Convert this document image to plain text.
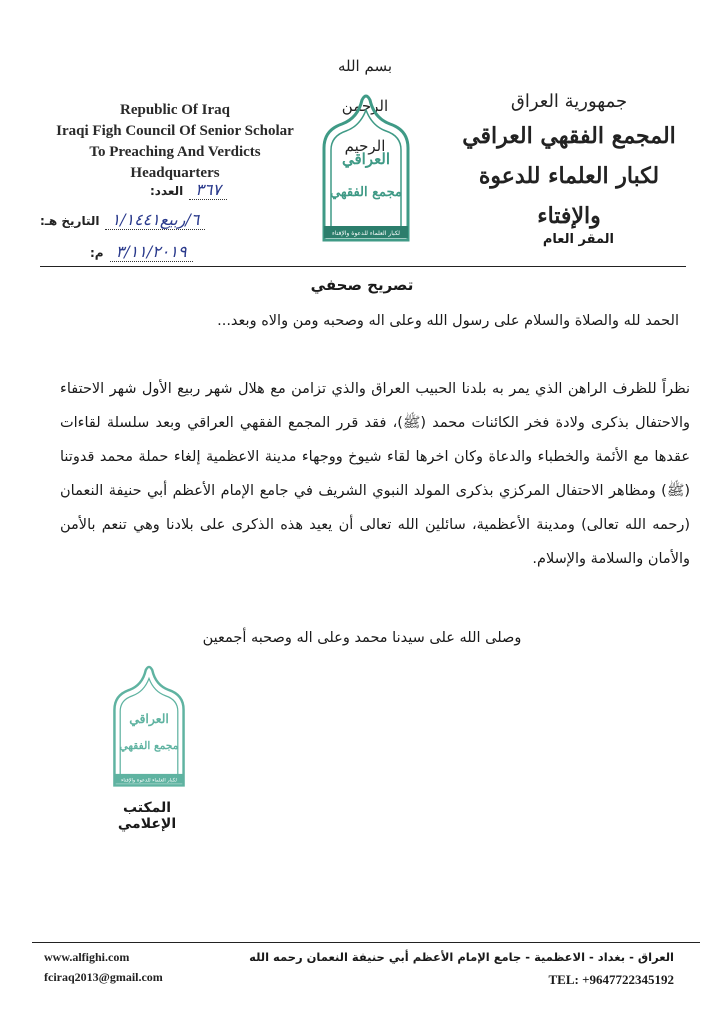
Republic Of Iraq
Iraqi Figh Council Of Senior Scholar
To Preaching And Verdicts
Headquarters
العدد: ٣٦٧
التاريخ هـ: ٦/ربيع١/١٤٤١
م: ٣/١١/٢٠١٩
بسم الله الرحمن الرحيم
العراقي
مجمع الفقهي
لكبار العلماء للدعوة والإفتاء
جمهورية العراق
المجمع الفقهي العراقي
لكبار العلماء للدعوة والإفتاء
المقر العام
تصريح صحفي
الحمد لله والصلاة والسلام على رسول الله وعلى اله وصحبه ومن والاه وبعد...
نظراً للظرف الراهن الذي يمر به بلدنا الحبيب العراق والذي تزامن مع هلال شهر ربيع الأول شهر الاحتفاء والاحتفال بذكرى ولادة فخر الكائنات محمد (ﷺ)، فقد قرر المجمع الفقهي العراقي وبعد سلسلة لقاءات عقدها مع الأئمة والخطباء والدعاة وكان اخرها لقاء شيوخ ووجهاء مدينة الاعظمية إلغاء حملة محمد قدوتنا (ﷺ) ومظاهر الاحتفال المركزي بذكرى المولد النبوي الشريف في جامع الإمام الأعظم أبي حنيفة النعمان (رحمه الله تعالى) ومدينة الأعظمية، سائلين الله تعالى أن يعيد هذه الذكرى على بلادنا وهي تنعم بالأمن والأمان والسلامة والإسلام.
وصلى الله على سيدنا محمد وعلى اله وصحبه أجمعين
العراقي
مجمع الفقهي
لكبار العلماء للدعوة والإفتاء
المكتب الإعلامي
www.alfighi.com
fciraq2013@gmail.com
العراق - بغداد - الاعظمية - جامع الإمام الأعظم أبي حنيفة النعمان رحمه الله
TEL: +9647722345192
